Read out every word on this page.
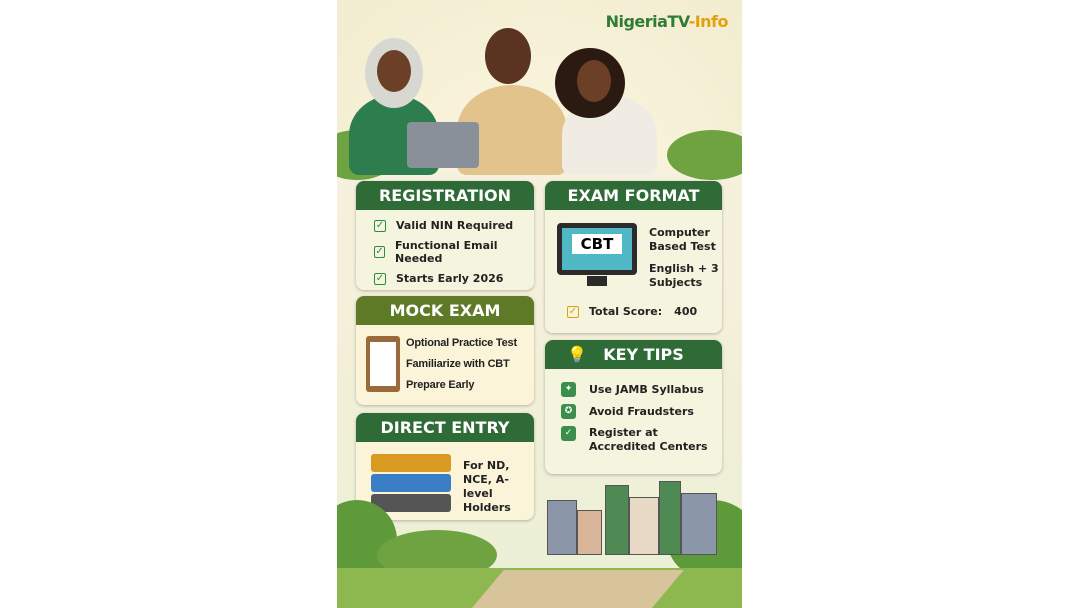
NigeriaTV-Info
REGISTRATION
✓ Valid NIN Required
✓ Functional Email Needed
✓ Starts Early 2026
MOCK EXAM
Optional Practice Test
Familiarize with CBT
Prepare Early
DIRECT ENTRY
For ND,
NCE, A-level
Holders
EXAM FORMAT
CBT
Computer
Based Test
English + 3
Subjects
✓ Total Score: 400
💡 KEY TIPS
✦	Use JAMB Syllabus
✪	Avoid Fraudsters
✓	Register at Accredited Centers
